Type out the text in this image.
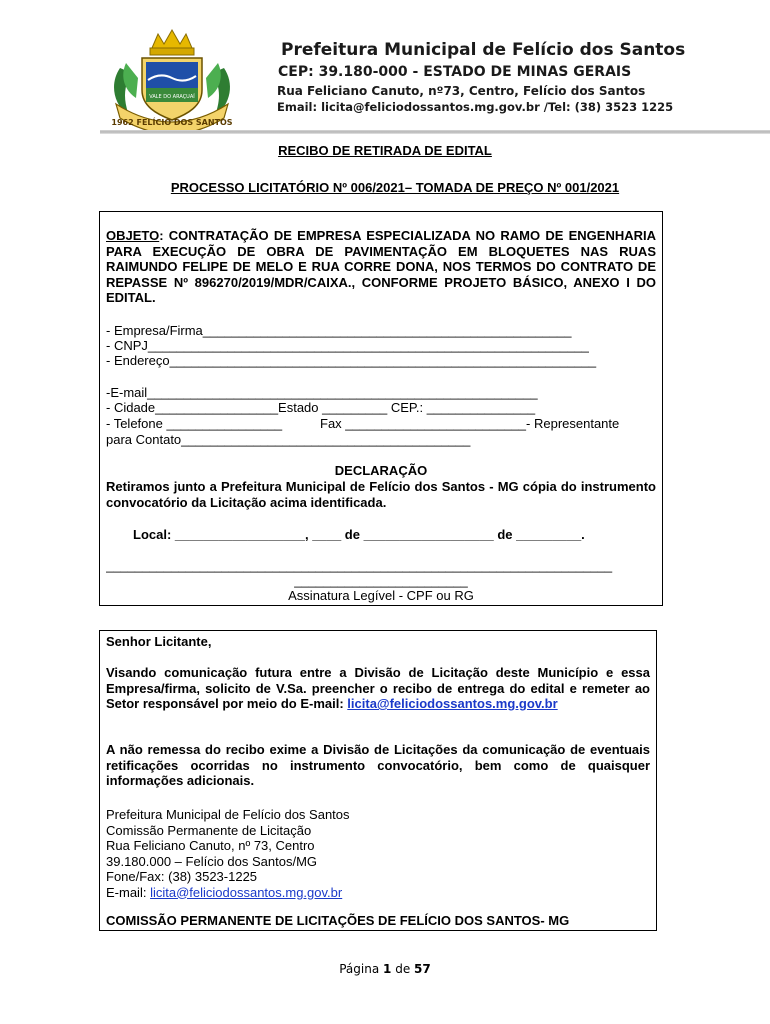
VALE DO ARAÇUAÍ
1962 FELÍCIO DOS SANTOS
Prefeitura Municipal de Felício dos Santos
CEP: 39.180-000 - ESTADO DE MINAS GERAIS
Rua Feliciano Canuto, nº73, Centro, Felício dos Santos
Email: licita@feliciodossantos.mg.gov.br /Tel: (38) 3523 1225
RECIBO DE RETIRADA DE EDITAL
PROCESSO LICITATÓRIO Nº 006/2021– TOMADA DE PREÇO Nº 001/2021
OBJETO: CONTRATAÇÃO DE EMPRESA ESPECIALIZADA NO RAMO DE ENGENHARIA PARA EXECUÇÃO DE OBRA DE PAVIMENTAÇÃO EM BLOQUETES NAS RUAS RAIMUNDO FELIPE DE MELO E RUA CORRE DONA, NOS TERMOS DO CONTRATO DE REPASSE Nº 896270/2019/MDR/CAIXA., CONFORME PROJETO BÁSICO, ANEXO I DO EDITAL.
- Empresa/Firma___________________________________________________
- CNPJ_____________________________________________________________
- Endereço___________________________________________________________
-E-mail______________________________________________________
- Cidade_________________Estado _________ CEP.: _______________
- Telefone ________________	Fax _________________________- Representante
para Contato________________________________________
DECLARAÇÃO
Retiramos junto a Prefeitura Municipal de Felício dos Santos - MG cópia do instrumento convocatório da Licitação acima identificada.
Local: __________________, ____ de __________________ de _________.
______________________________________________________________________
________________________
Assinatura Legível - CPF ou RG
Senhor Licitante,
Visando comunicação futura entre a Divisão de Licitação deste Município e essa Empresa/firma, solicito de V.Sa. preencher o recibo de entrega do edital e remeter ao Setor responsável por meio do E-mail: licita@feliciodossantos.mg.gov.br
A não remessa do recibo exime a Divisão de Licitações da comunicação de eventuais retificações ocorridas no instrumento convocatório, bem como de quaisquer informações adicionais.
Prefeitura Municipal de Felício dos Santos
Comissão Permanente de Licitação
Rua Feliciano Canuto, nº 73, Centro
39.180.000 – Felício dos Santos/MG
Fone/Fax: (38) 3523-1225
E-mail: licita@feliciodossantos.mg.gov.br
COMISSÃO PERMANENTE DE LICITAÇÕES DE FELÍCIO DOS SANTOS- MG
Página 1 de 57
